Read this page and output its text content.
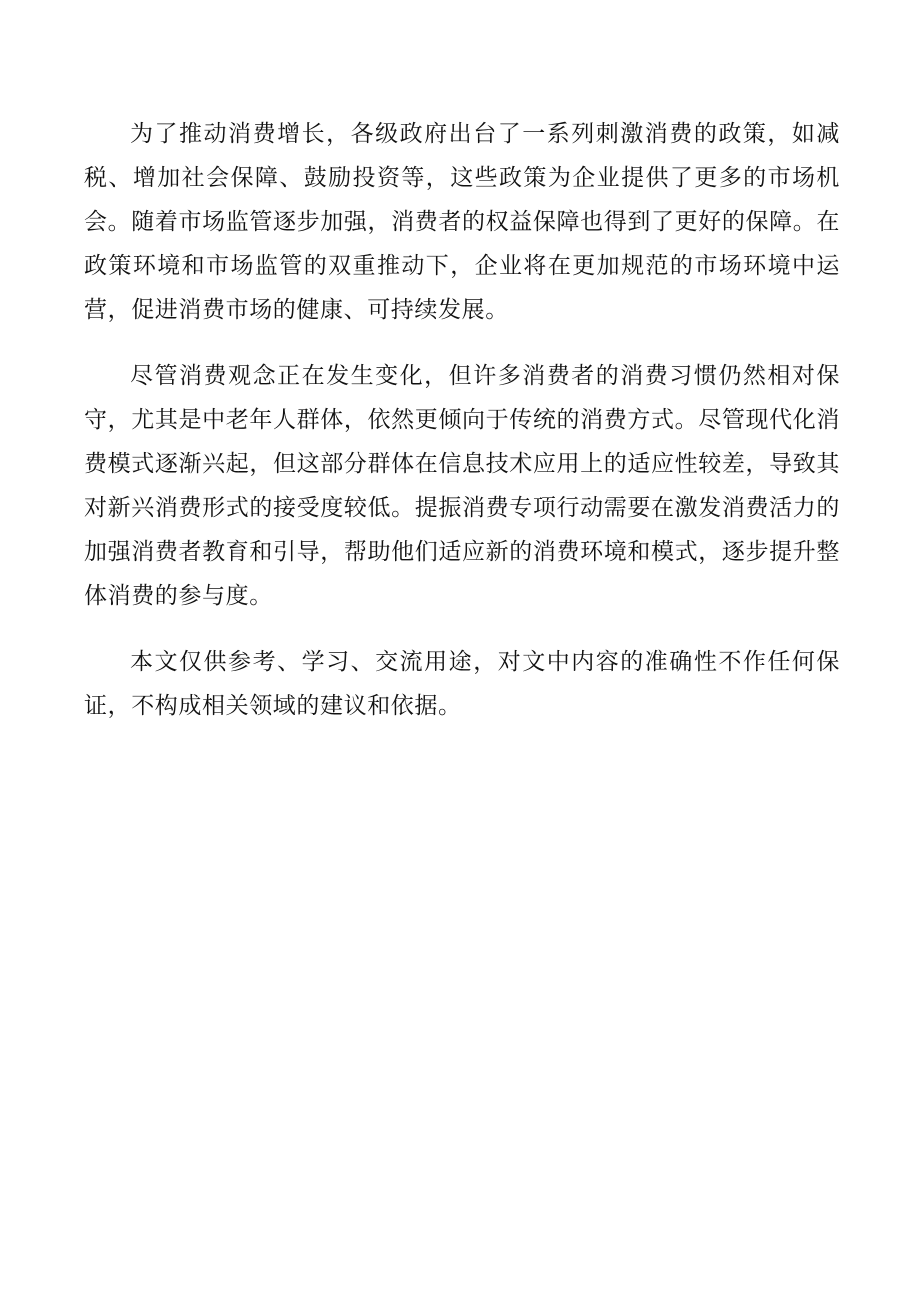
为了推动消费增长，各级政府出台了一系列刺激消费的政策，如减税、增加社会保障、鼓励投资等，这些政策为企业提供了更多的市场机会。随着市场监管逐步加强，消费者的权益保障也得到了更好的保障。在政策环境和市场监管的双重推动下，企业将在更加规范的市场环境中运营，促进消费市场的健康、可持续发展。

尽管消费观念正在发生变化，但许多消费者的消费习惯仍然相对保守，尤其是中老年人群体，依然更倾向于传统的消费方式。尽管现代化消费模式逐渐兴起，但这部分群体在信息技术应用上的适应性较差，导致其对新兴消费形式的接受度较低。提振消费专项行动需要在激发消费活力的加强消费者教育和引导，帮助他们适应新的消费环境和模式，逐步提升整体消费的参与度。

本文仅供参考、学习、交流用途，对文中内容的准确性不作任何保证，不构成相关领域的建议和依据。
